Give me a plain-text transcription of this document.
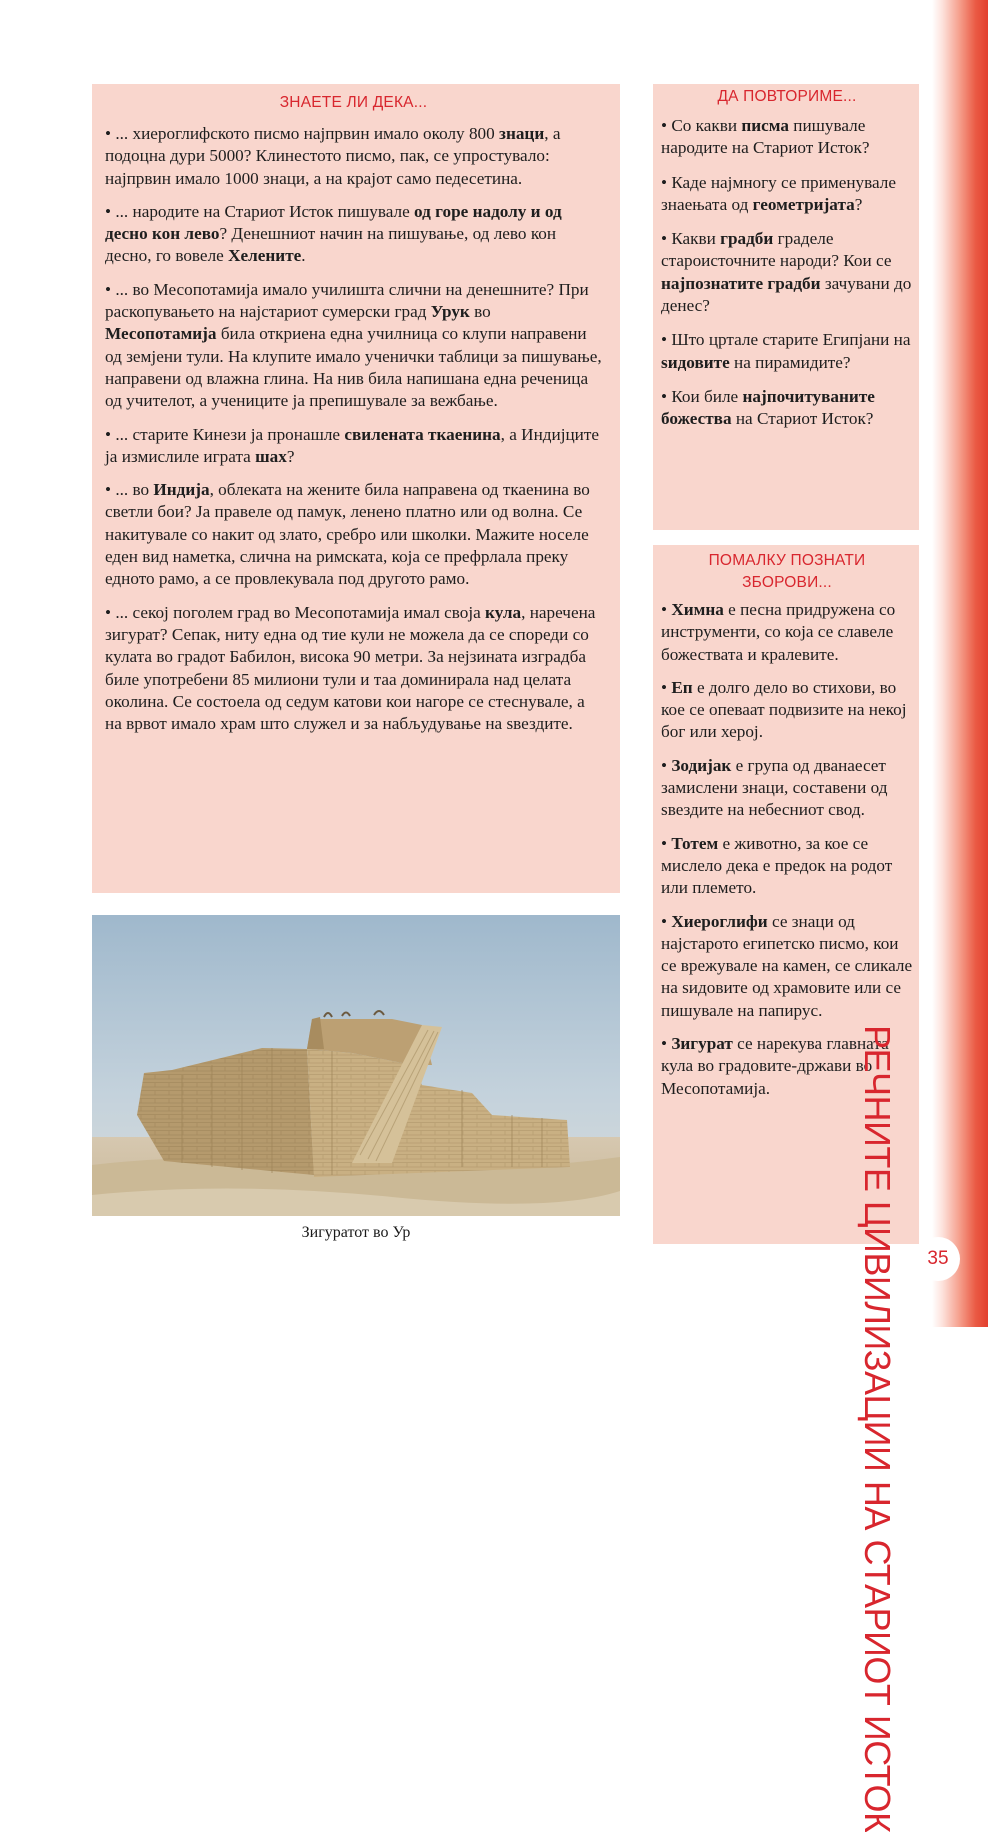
ЗНАЕТЕ ЛИ ДЕКА...
• ... хиероглифското писмо најпрвин имало околу 800 знаци, а подоцна дури 5000? Клинестото писмо, пак, се упростувало: најпрвин имало 1000 знаци, а на крајот само педесетина.
• ... народите на Стариот Исток пишувале од горе надолу и од десно кон лево? Денешниот начин на пишување, од лево кон десно, го вовеле Хелените.
• ... во Месопотамија имало училишта слични на денешните? При раскопувањето на најстариот сумерски град Урук во Месопотамија била откриена една училница со клупи направени од земјени тули. На клупите имало ученички таблици за пишување, направени од влажна глина. На нив била напишана една реченица од учителот, а учениците ја препишувале за вежбање.
• ... старите Кинези ја пронашле свилената ткаенина, а Индијците ја измислиле играта шах?
• ... во Индија, облеката на жените била направена од ткаенина во светли бои? Ја правеле од памук, ленено платно или од волна. Се накитувале со накит од злато, сребро или школки. Мажите носеле еден вид наметка, слична на римската, која се префрлала преку едното рамо, а се провлекувала под другото рамо.
• ... секој поголем град во Месопотамија имал своја кула, наречена зигурат? Сепак, ниту една од тие кули не можела да се спореди со кулата во градот Бабилон, висока 90 метри. За нејзината изградба биле употребени 85 милиони тули и таа доминирала над целата околина. Се состоела од седум катови кои нагоре се стеснувале, а на врвот имало храм што служел и за набљудување на ѕвездите.
ДА ПОВТОРИМЕ...
• Со какви писма пишувале народите на Стариот Исток?
• Каде најмногу се применувале знаењата од геометријата?
• Какви градби граделе староисточните народи? Кои се најпознатите градби зачувани до денес?
• Што цртале старите Египјани на ѕидовите на пирамидите?
• Кои биле најпочитуваните божества на Стариот Исток?
ПОМАЛКУ ПОЗНАТИ
ЗБОРОВИ...
• Химна е песна придружена со инструменти, со која се славеле божествата и кралевите.
• Еп е долго дело во стихови, во кое се опеваат подвизите на некој бог или херој.
• Зодијак е група од дванаесет замислени знаци, составени од ѕвездите на небесниот свод.
• Тотем е животно, за кое се мислело дека е предок на родот или племето.
• Хиероглифи се знаци од најстарото египетско писмо, кои се врежувале на камен, се сликале на ѕидовите од храмовите или се пишувале на папирус.
• Зигурат се нарекува главната кула во градовите-држави во Месопотамија.
Зигуратот во Ур	РЕЧНИТЕ ЦИВИЛИЗАЦИИ НА СТАРИОТ ИСТОК	35
